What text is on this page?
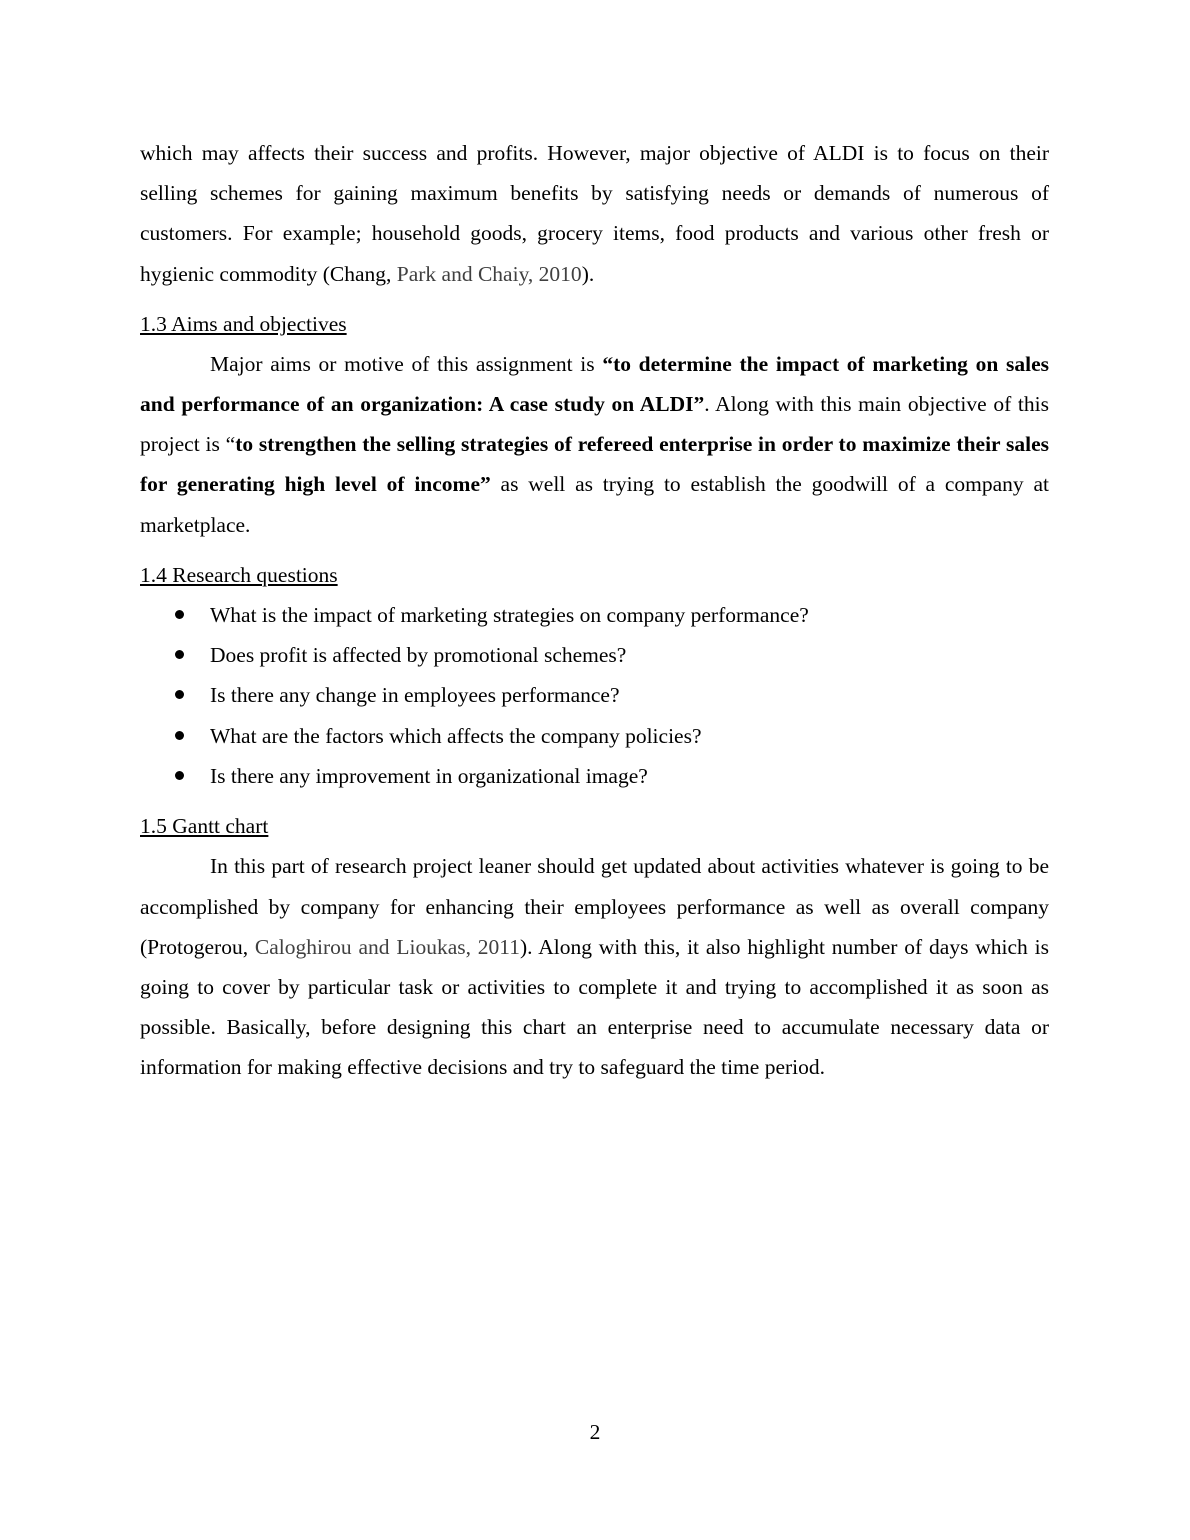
which may affects their success and profits. However, major objective of ALDI is to focus on their selling schemes for gaining maximum benefits by satisfying needs or demands of numerous of customers. For example; household goods, grocery items, food products and various other fresh or hygienic commodity (Chang, Park and Chaiy, 2010).

1.3 Aims and objectives

Major aims or motive of this assignment is “to determine the impact of marketing on sales and performance of an organization: A case study on ALDI”. Along with this main objective of this project is “to strengthen the selling strategies of refereed enterprise in order to maximize their sales for generating high level of income” as well as trying to establish the goodwill of a company at marketplace.

1.4 Research questions

What is the impact of marketing strategies on company performance?
Does profit is affected by promotional schemes?
Is there any change in employees performance?
What are the factors which affects the company policies?
Is there any improvement in organizational image?

1.5 Gantt chart

In this part of research project leaner should get updated about activities whatever is going to be accomplished by company for enhancing their employees performance as well as overall company (Protogerou, Caloghirou and Lioukas, 2011). Along with this, it also highlight number of days which is going to cover by particular task or activities to complete it and trying to accomplished it as soon as possible. Basically, before designing this chart an enterprise need to accumulate necessary data or information for making effective decisions and try to safeguard the time period.

2
